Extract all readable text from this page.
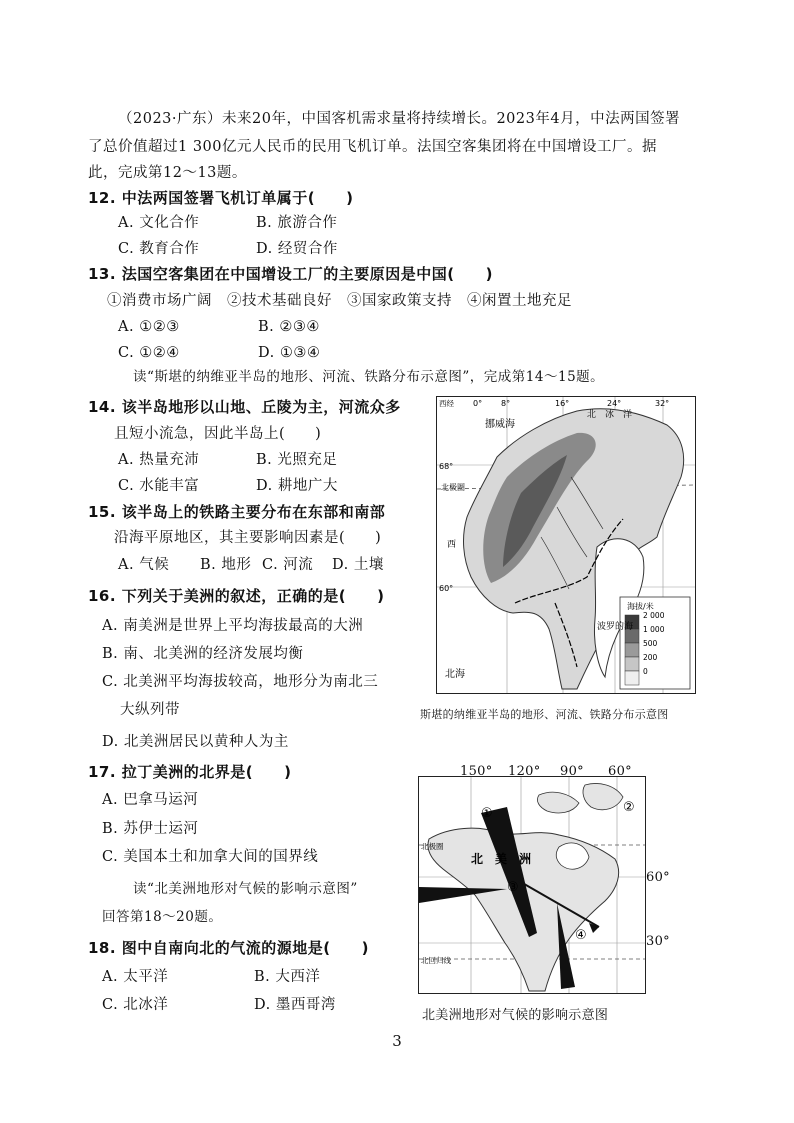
（2023·广东）未来20年，中国客机需求量将持续增长。2023年4月，中法两国签署
了总价值超过1 300亿元人民币的民用飞机订单。法国空客集团将在中国增设工厂。据
此，完成第12～13题。
12. 中法两国签署飞机订单属于(　　)
A. 文化合作	B. 旅游合作
C. 教育合作	D. 经贸合作
13. 法国空客集团在中国增设工厂的主要原因是中国(　　)
①消费市场广阔　②技术基础良好　③国家政策支持　④闲置土地充足
A. ①②③	B. ②③④
C. ①②④	D. ①③④
读“斯堪的纳维亚半岛的地形、河流、铁路分布示意图”，完成第14～15题。
14. 该半岛地形以山地、丘陵为主，河流众多
且短小流急，因此半岛上(　　)
A. 热量充沛	B. 光照充足
C. 水能丰富	D. 耕地广大
15. 该半岛上的铁路主要分布在东部和南部
沿海平原地区，其主要影响因素是(　　)
A. 气候 B. 地形 C. 河流 D. 土壤
16. 下列关于美洲的叙述，正确的是(　　)
A. 南美洲是世界上平均海拔最高的大洲
B. 南、北美洲的经济发展均衡
C. 北美洲平均海拔较高，地形分为南北三
大纵列带
D. 北美洲居民以黄种人为主
17. 拉丁美洲的北界是(　　)
A. 巴拿马运河
B. 苏伊士运河
C. 美国本土和加拿大间的国界线
读“北美洲地形对气候的影响示意图”
回答第18～20题。
18. 图中自南向北的气流的源地是(　　)
A. 太平洋	B. 大西洋
C. 北冰洋	D. 墨西哥湾
海拔/米
2 000
1 000
500
200
0
西经 0° 8°	16°	24°	32°
北　冰　洋
挪威海
68°
北极圈
西
60°
波罗的海
北海
斯堪的纳维亚半岛的地形、河流、铁路分布示意图
①	②
③
④
北极圈
北回归线
北　美　洲
150° 120° 90° 60°
60°
30°
北美洲地形对气候的影响示意图
3
